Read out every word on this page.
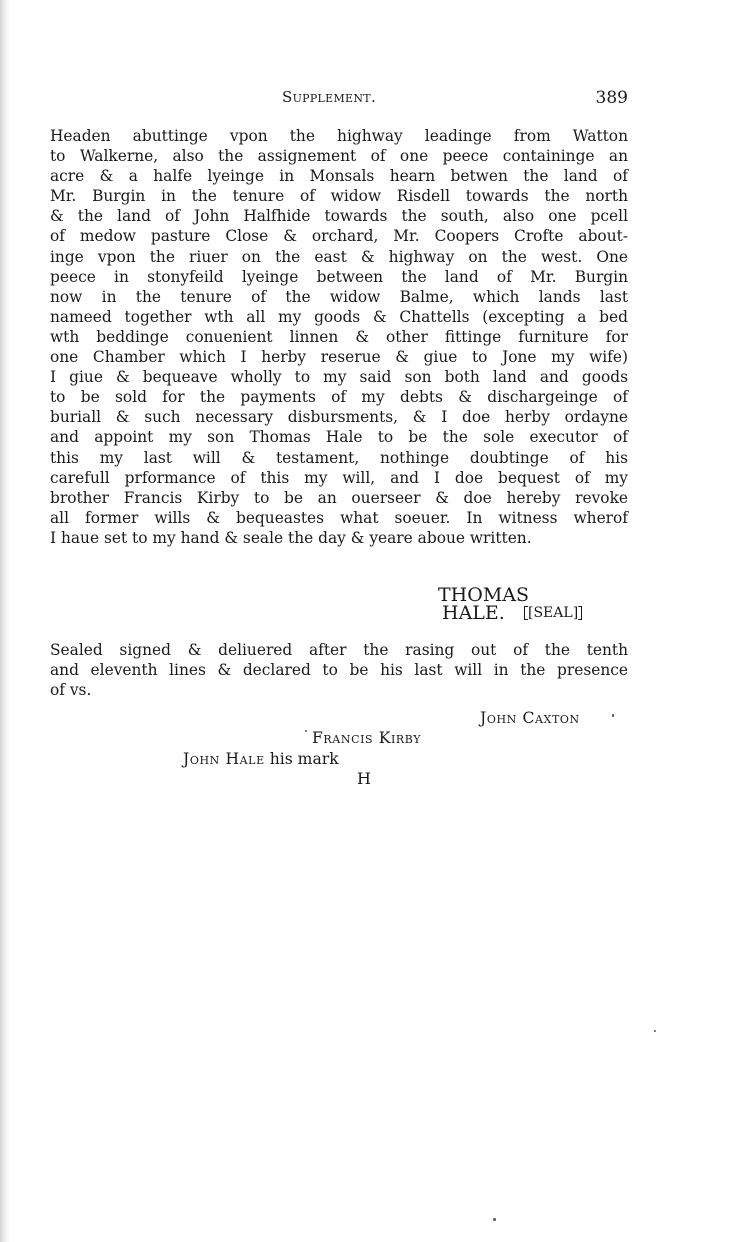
Supplement.	389
Headen abuttinge vpon the highway leadinge from Watton
to Walkerne, also the assignement of one peece containinge an
acre & a halfe lyeinge in Monsals hearn betwen the land of
Mr. Burgin in the tenure of widow Risdell towards the north
& the land of John Halfhide towards the south, also one pcell
of medow pasture Close & orchard, Mr. Coopers Crofte about-
inge vpon the riuer on the east & highway on the west. One
peece in stonyfeild lyeinge between the land of Mr. Burgin
now in the tenure of the widow Balme, which lands last
nameed together wth all my goods & Chattells (excepting a bed
wth beddinge conuenient linnen & other fittinge furniture for
one Chamber which I herby reserue & giue to Jone my wife)
I giue & bequeave wholly to my said son both land and goods
to be sold for the payments of my debts & dischargeinge of
buriall & such necessary disbursments, & I doe herby ordayne
and appoint my son Thomas Hale to be the sole executor of
this my last will & testament, nothinge doubtinge of his
carefull prformance of this my will, and I doe bequest of my
brother Francis Kirby to be an ouerseer & doe hereby revoke
all former wills & bequeastes what soeuer. In witness wherof
I haue set to my hand & seale the day & yeare aboue written.
THOMAS
HALE. [SEAL]
Sealed signed & deliuered after the rasing out of the tenth
and eleventh lines & declared to be his last will in the presence
of vs.
John Caxton
Francis Kirby
John Hale his mark
H
